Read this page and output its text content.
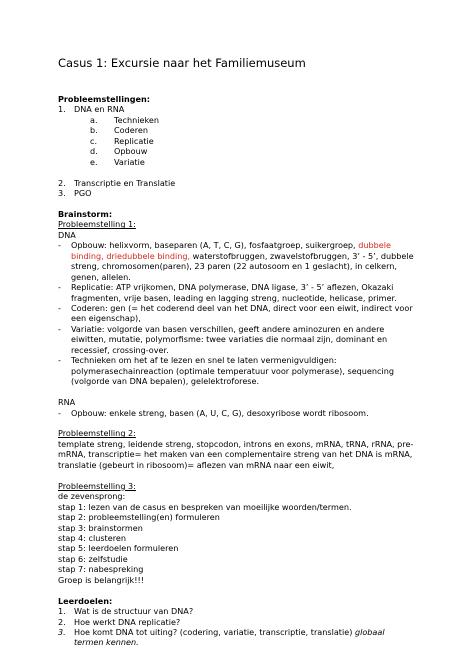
Casus 1: Excursie naar het Familiemuseum
Probleemstellingen:
1.	DNA en RNA
a.	Technieken
b.	Coderen
c.	Replicatie
d.	Opbouw
e.	Variatie
2.	Transcriptie en Translatie
3.	PGO
Brainstorm:
Probleemstelling 1:
DNA
-	Opbouw: helixvorm, baseparen (A, T, C, G), fosfaatgroep, suikergroep, dubbele binding, driedubbele binding, waterstofbruggen, zwavelstofbruggen, 3’ - 5’, dubbele streng, chromosomen(paren), 23 paren (22 autosoom en 1 geslacht), in celkern, genen, allelen.
-	Replicatie: ATP vrijkomen, DNA polymerase, DNA ligase, 3’ - 5’ aflezen, Okazaki fragmenten, vrije basen, leading en lagging streng, nucleotide, helicase, primer.
-	Coderen: gen (= het coderend deel van het DNA, direct voor een eiwit, indirect voor een eigenschap),
-	Variatie: volgorde van basen verschillen, geeft andere aminozuren en andere eiwitten, mutatie, polymorfisme: twee variaties die normaal zijn, dominant en recessief, crossing-over.
-	Technieken om het af te lezen en snel te laten vermenigvuldigen: polymerasechainreaction (optimale temperatuur voor polymerase), sequencing (volgorde van DNA bepalen), gelelektroforese.
RNA
-	Opbouw: enkele streng, basen (A, U, C, G), desoxyribose wordt ribosoom.
Probleemstelling 2:
template streng, leidende streng, stopcodon, introns en exons, mRNA, tRNA, rRNA, pre-mRNA, transcriptie= het maken van een complementaire streng van het DNA is mRNA, translatie (gebeurt in ribosoom)= aflezen van mRNA naar een eiwit,
Probleemstelling 3:
de zevensprong:
stap 1: lezen van de casus en bespreken van moeilijke woorden/termen.
stap 2: probleemstelling(en) formuleren
stap 3: brainstormen
stap 4: clusteren
stap 5: leerdoelen formuleren
stap 6: zelfstudie
stap 7: nabespreking
Groep is belangrijk!!!
Leerdoelen:
1.	Wat is de structuur van DNA?
2.	Hoe werkt DNA replicatie?
3.	Hoe komt DNA tot uiting? (codering, variatie, transcriptie, translatie) globaal termen kennen.
